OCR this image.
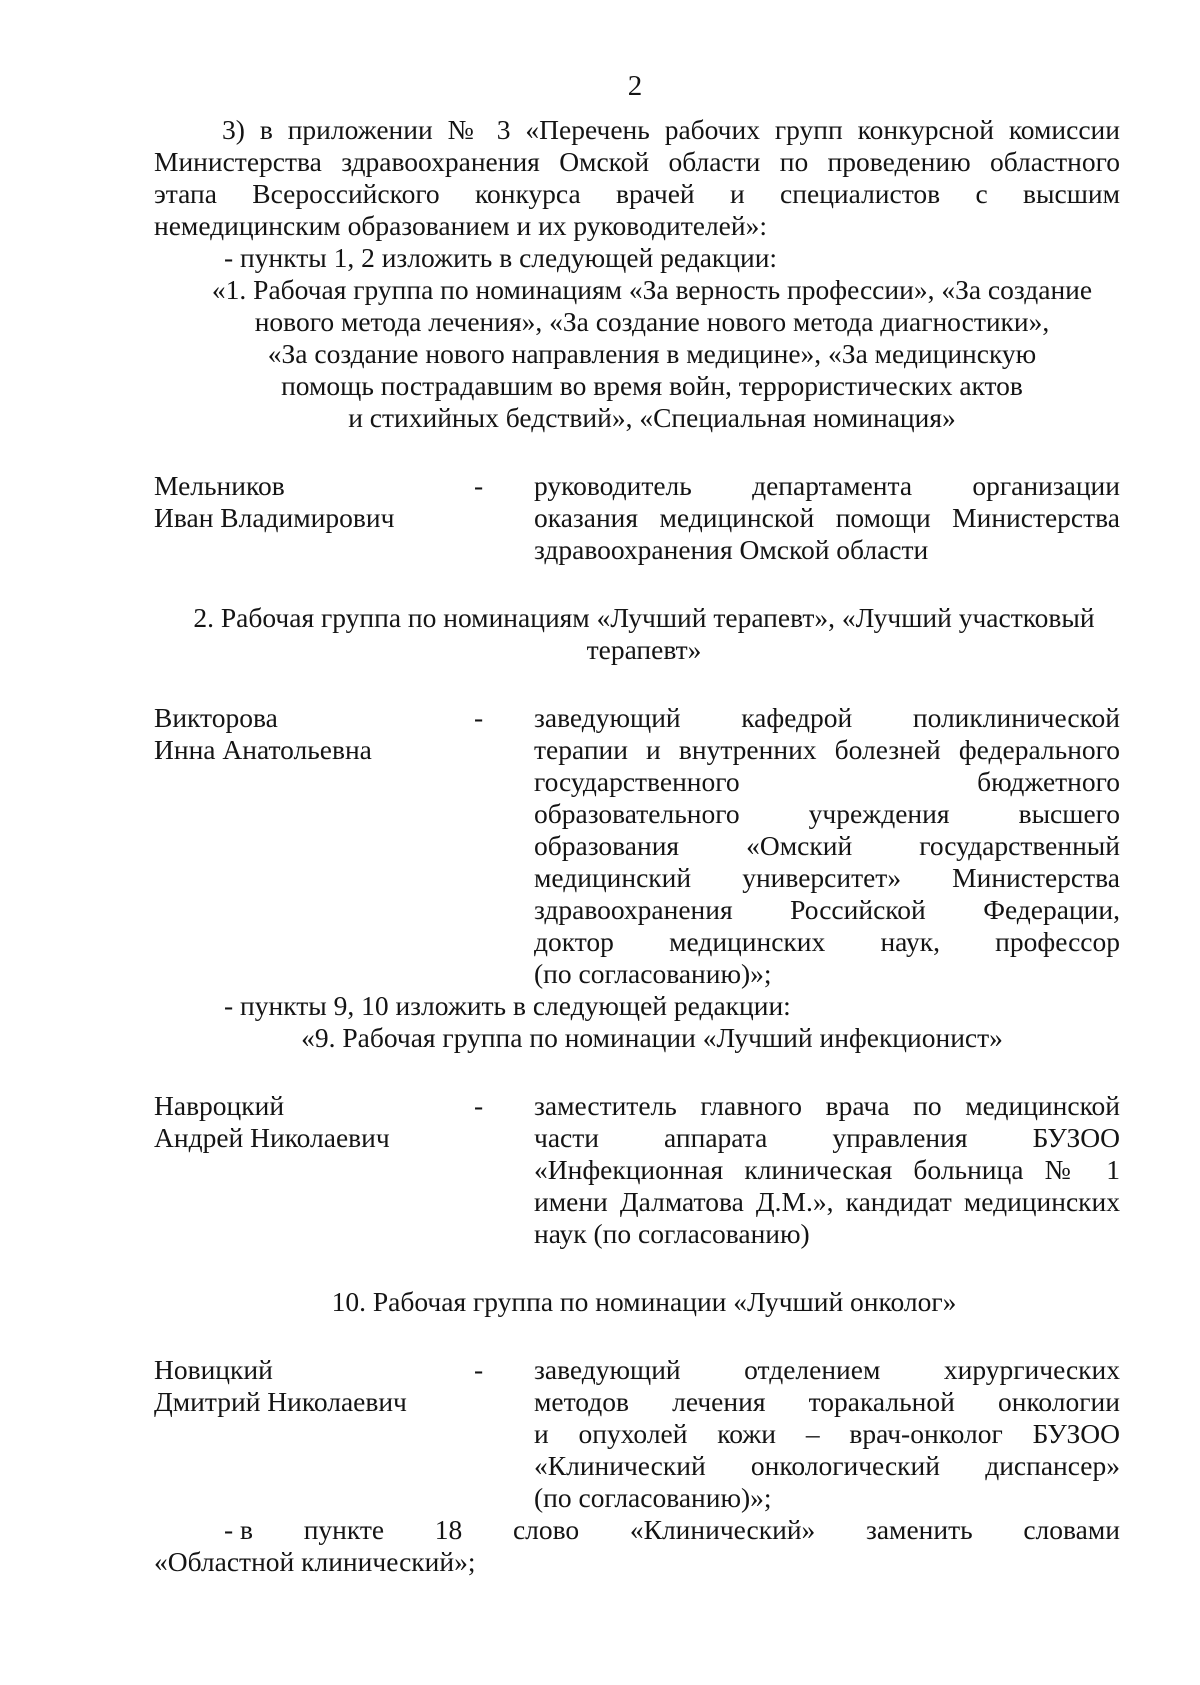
2
3) в приложении № 3 «Перечень рабочих групп конкурсной комиссии
Министерства здравоохранения Омской области по проведению областного
этапа Всероссийского конкурса врачей и специалистов с высшим
немедицинским образованием и их руководителей»:
- пункты 1, 2 изложить в следующей редакции:
«1. Рабочая группа по номинациям «За верность профессии», «За создание
нового метода лечения», «За создание нового метода диагностики»,
«За создание нового направления в медицине», «За медицинскую
помощь пострадавшим во время войн, террористических актов
и стихийных бедствий», «Специальная номинация»
Мельников
Иван Владимирович
-	руководитель департамента организации
оказания медицинской помощи Министерства
здравоохранения Омской области
2. Рабочая группа по номинациям «Лучший терапевт», «Лучший участковый
терапевт»
Викторова
Инна Анатольевна
-	заведующий кафедрой поликлинической
терапии и внутренних болезней федерального
государственного бюджетного
образовательного учреждения высшего
образования «Омский государственный
медицинский университет» Министерства
здравоохранения Российской Федерации,
доктор медицинских наук, профессор
(по согласованию)»;
- пункты 9, 10 изложить в следующей редакции:
«9. Рабочая группа по номинации «Лучший инфекционист»
Навроцкий
Андрей Николаевич
-	заместитель главного врача по медицинской
части аппарата управления БУЗОО
«Инфекционная клиническая больница № 1
имени Далматова Д.М.», кандидат медицинских
наук (по согласованию)
10. Рабочая группа по номинации «Лучший онколог»
Новицкий
Дмитрий Николаевич
-	заведующий отделением хирургических
методов лечения торакальной онкологии
и опухолей кожи – врач-онколог БУЗОО
«Клинический онкологический диспансер»
(по согласованию)»;
- в пункте 18 слово «Клинический» заменить словами
«Областной клинический»;
